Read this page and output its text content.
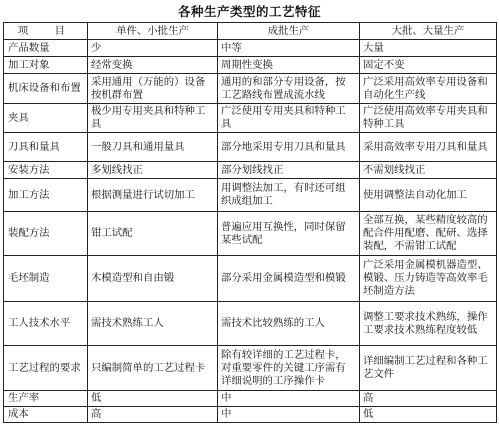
各种生产类型的工艺特征
项　目	单件、小批生产	成批生产	大批、大量生产
产品数量	少	中等	大量
加工对象	经常变换	周期性变换	固定不变
机床设备和布置	采用通用（万能的）设备按机群布置	通用的和部分专用设备，按工艺路线布置成流水线	广泛采用高效率专用设备和自动化生产线
夹具	极少用专用夹具和特种工具	广泛使用专用夹具和特种工具	广泛使用高效率专用夹具和特种工具
刀具和量具	一般刀具和通用量具	部分地采用专用刀具和量具	采用高效率专用刀具和量具
安装方法	多划线找正	部分划线找正	不需划线找正
加工方法	根据测量进行试切加工	用调整法加工，有时还可组织成组加工	使用调整法自动化加工
装配方法	钳工试配	普遍应用互换性，同时保留某些试配	全部互换，某些精度较高的配合件用配磨、配研、选择装配，不需钳工试配
毛坯制造	木模造型和自由锻	部分采用金属模造型和模锻	广泛采用金属模机器造型、模锻、压力铸造等高效率毛坯制造方法
工人技术水平	需技术熟练工人	需技术比较熟练的工人	调整工要求技术熟练，操作工要求技术熟练程度较低
工艺过程的要求	只编制简单的工艺过程卡	除有较详细的工艺过程卡，对重要零件的关键工序需有详细说明的工序操作卡	详细编制工艺过程和各种工艺文件
生产率	低	中	高
成本	高	中	低
